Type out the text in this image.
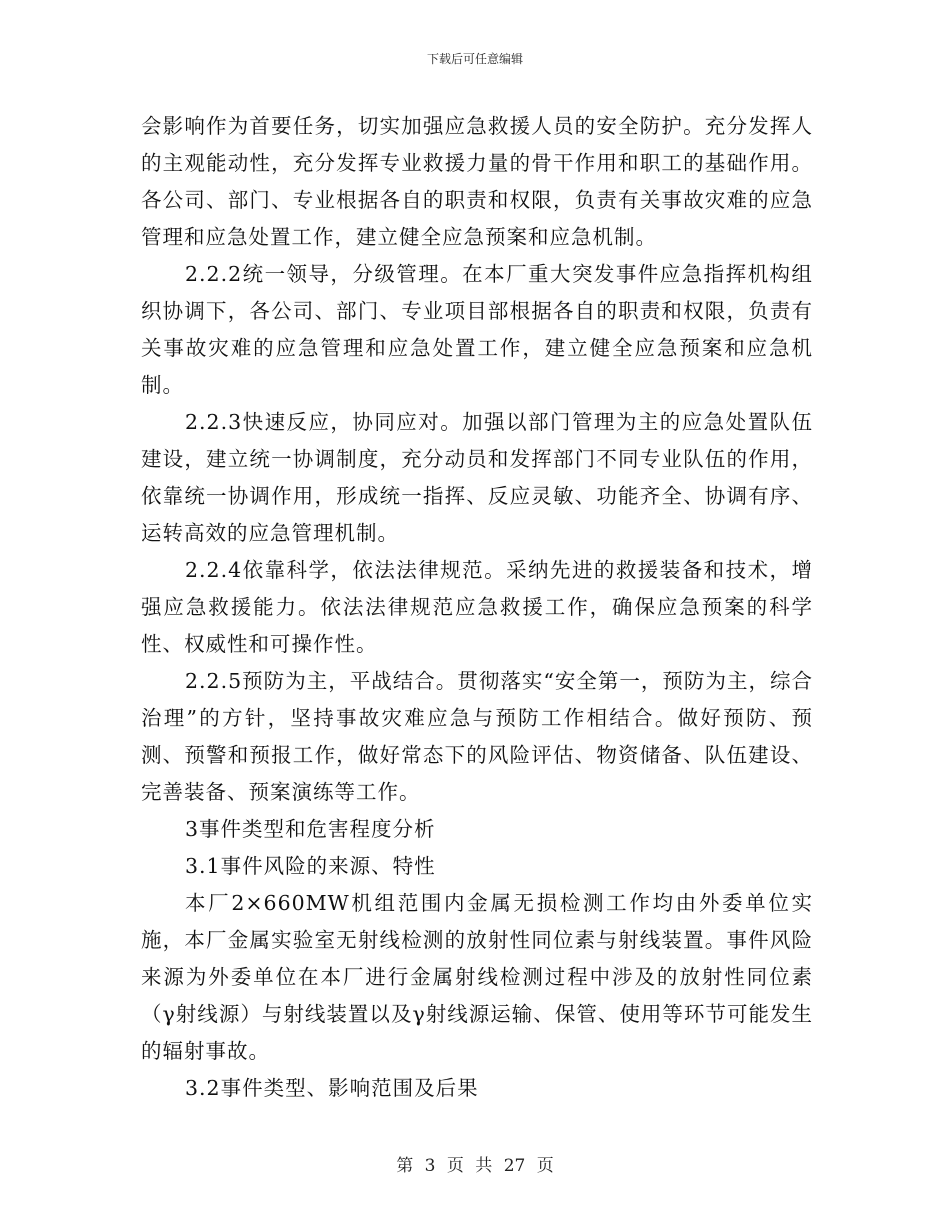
下载后可任意编辑

会影响作为首要任务，切实加强应急救援人员的安全防护。充分发挥人的主观能动性，充分发挥专业救援力量的骨干作用和职工的基础作用。各公司、部门、专业根据各自的职责和权限，负责有关事故灾难的应急管理和应急处置工作，建立健全应急预案和应急机制。

2.2.2统一领导，分级管理。在本厂重大突发事件应急指挥机构组织协调下，各公司、部门、专业项目部根据各自的职责和权限，负责有关事故灾难的应急管理和应急处置工作，建立健全应急预案和应急机制。

2.2.3快速反应，协同应对。加强以部门管理为主的应急处置队伍建设，建立统一协调制度，充分动员和发挥部门不同专业队伍的作用，依靠统一协调作用，形成统一指挥、反应灵敏、功能齐全、协调有序、运转高效的应急管理机制。

2.2.4依靠科学，依法法律规范。采纳先进的救援装备和技术，增强应急救援能力。依法法律规范应急救援工作，确保应急预案的科学性、权威性和可操作性。

2.2.5预防为主，平战结合。贯彻落实“安全第一，预防为主，综合治理”的方针，坚持事故灾难应急与预防工作相结合。做好预防、预测、预警和预报工作，做好常态下的风险评估、物资储备、队伍建设、完善装备、预案演练等工作。

3事件类型和危害程度分析

3.1事件风险的来源、特性

本厂2×660MW机组范围内金属无损检测工作均由外委单位实施，本厂金属实验室无射线检测的放射性同位素与射线装置。事件风险来源为外委单位在本厂进行金属射线检测过程中涉及的放射性同位素（γ射线源）与射线装置以及γ射线源运输、保管、使用等环节可能发生的辐射事故。

3.2事件类型、影响范围及后果

第 3 页 共 27 页
